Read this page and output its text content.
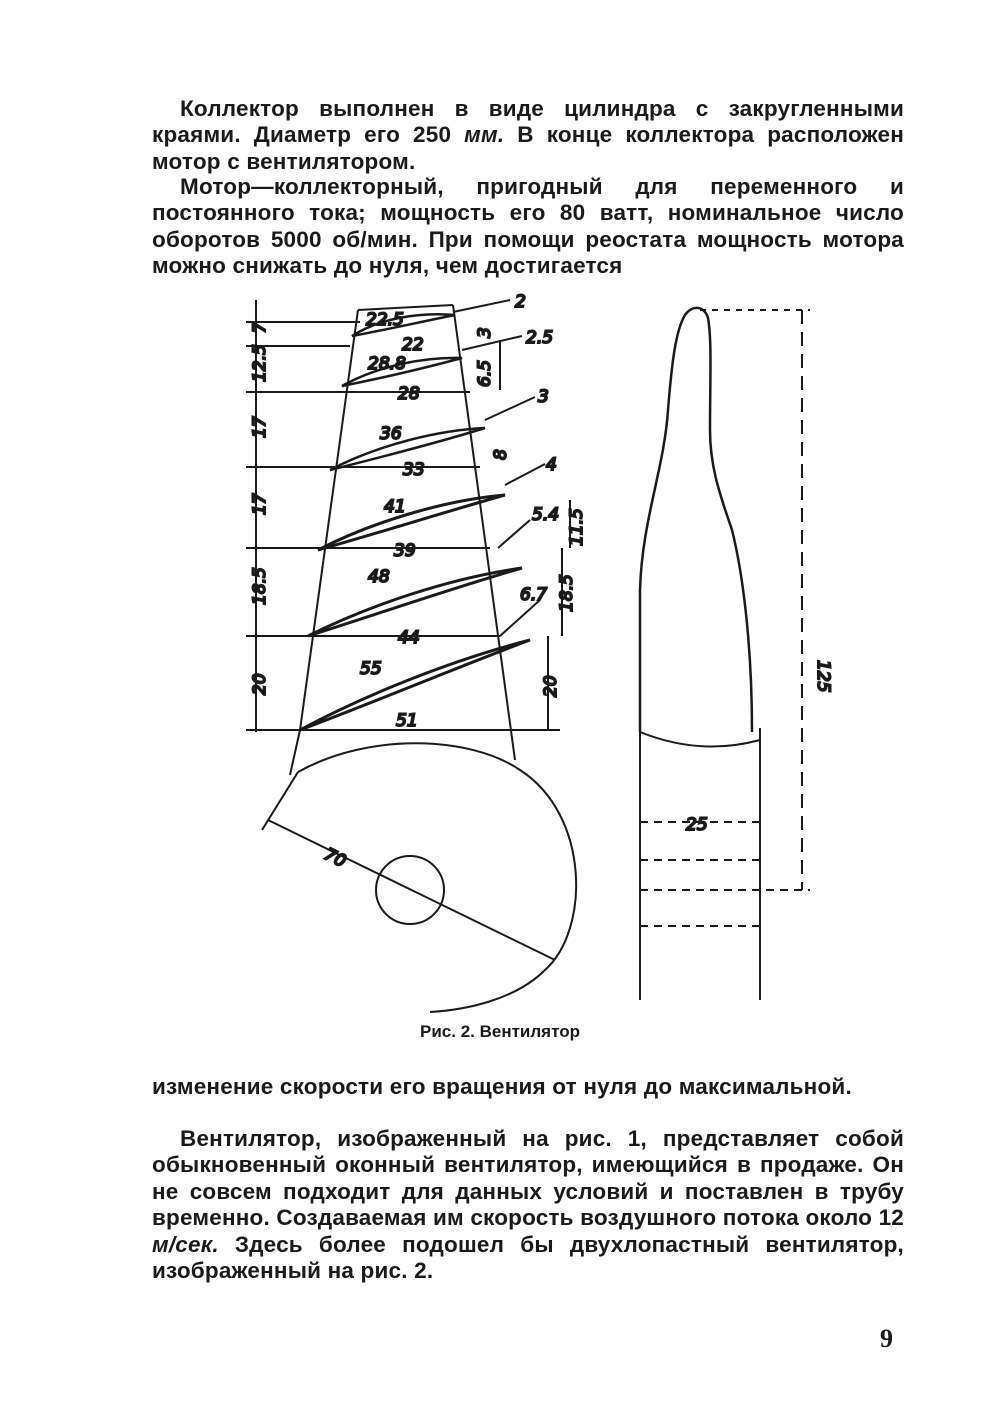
Коллектор выполнен в виде цилиндра с закругленными краями. Диаметр его 250 мм. В конце коллектора расположен мотор с вентилятором.

Мотор—коллекторный, пригодный для переменного и постоянного тока; мощность его 80 ватт, номинальное число оборотов 5000 об/мин. При помощи реостата мощность мотора можно снижать до нуля, чем достигается

22.5
28.8
36
41
48
55
22
28
33
39
44
51
2
2.5
3
4
5.4
6.7
7
12.5
17
17
18.5
20
3
6.5
8
11.5
18.5
20
70
125
25
Рис. 2. Вентилятор

изменение скорости его вращения от нуля до максимальной.

Вентилятор, изображенный на рис. 1, представляет собой обыкновенный оконный вентилятор, имеющийся в продаже. Он не совсем подходит для данных условий и поставлен в трубу временно. Создаваемая им скорость воздушного потока около 12 м/сек. Здесь более подошел бы двухлопастный вентилятор, изображенный на рис. 2.

9
